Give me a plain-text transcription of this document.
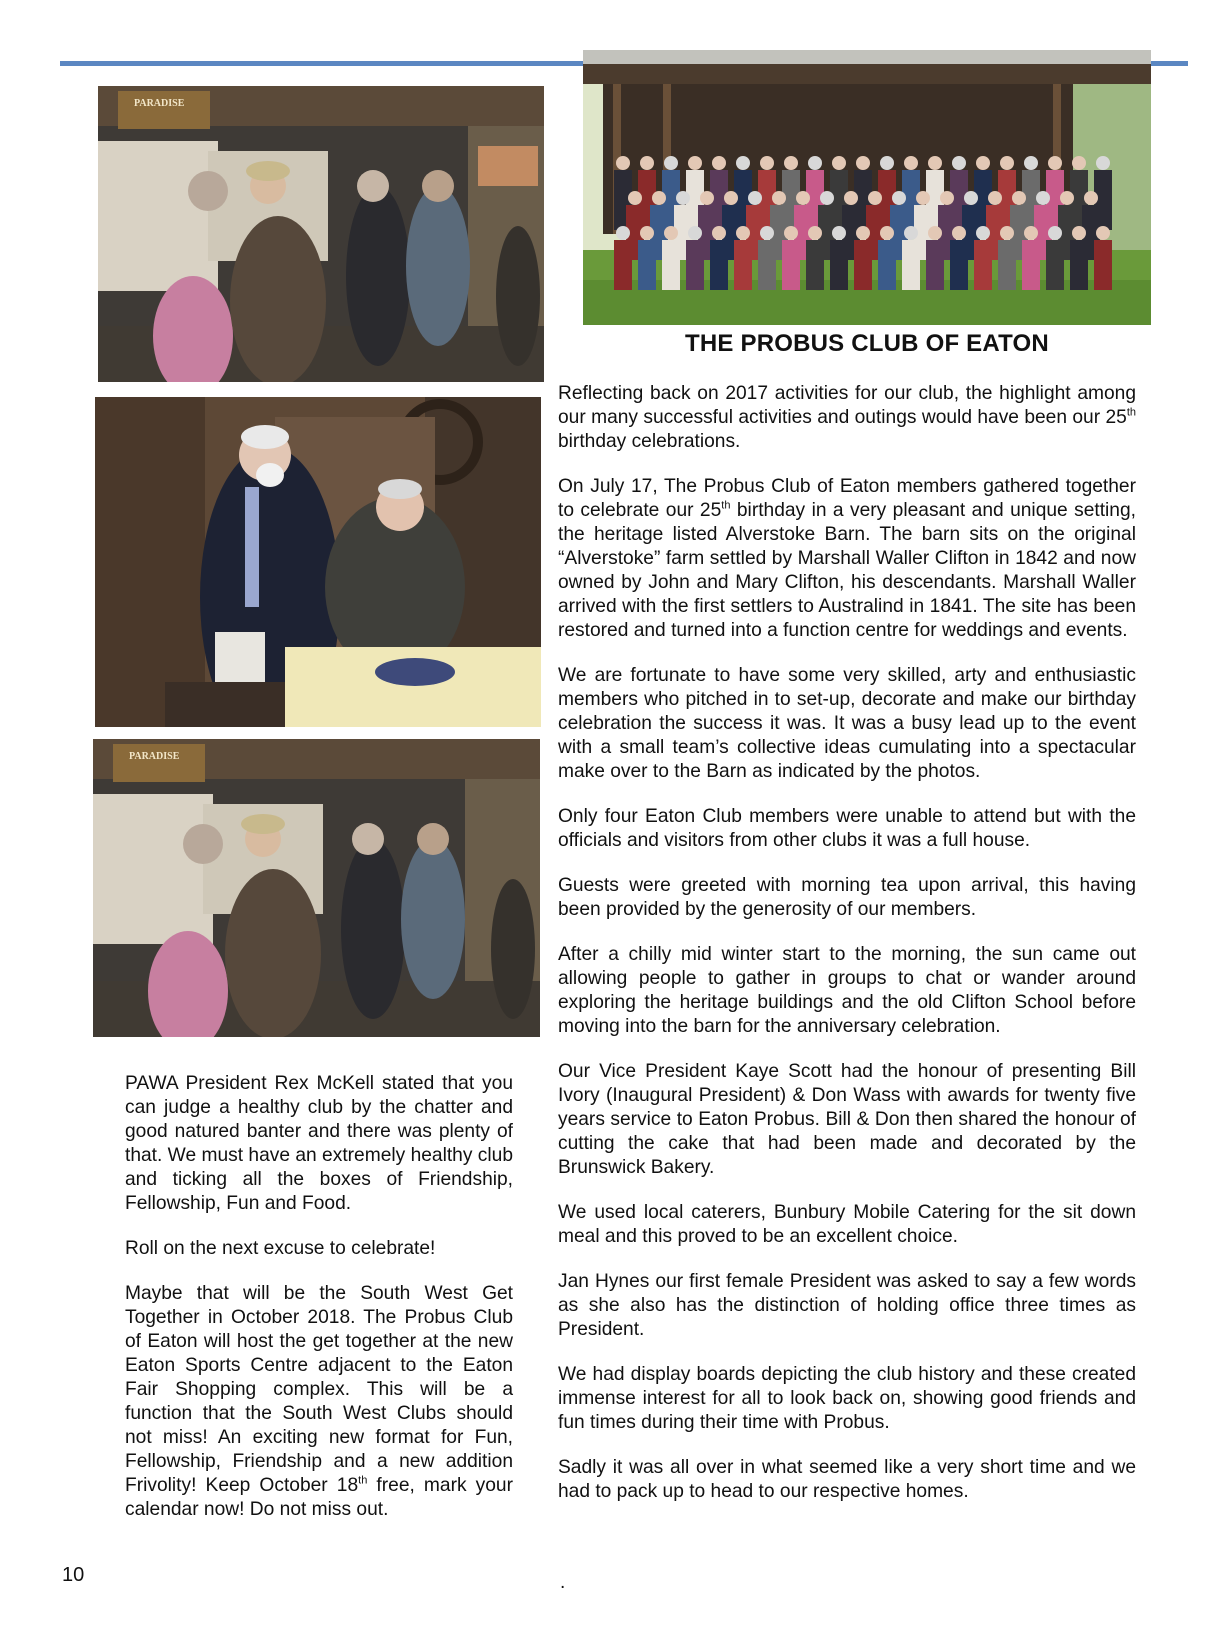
PARADISE
PARADISE
THE PROBUS CLUB OF EATON

Reflecting back on 2017 activities for our club, the highlight among our many successful activities and outings would have been our 25th birthday celebrations.

On July 17, The Probus Club of Eaton members gathered together to celebrate our 25th birthday in a very pleasant and unique setting, the heritage listed Alverstoke Barn. The barn sits on the original “Alverstoke” farm settled by Marshall Waller Clifton in 1842 and now owned by John and Mary Clifton, his descendants. Marshall Waller arrived with the first settlers to Australind in 1841. The site has been restored and turned into a function centre for weddings and events.

We are fortunate to have some very skilled, arty and enthusiastic members who pitched in to set-up, decorate and make our birthday celebration the success it was. It was a busy lead up to the event with a small team’s collective ideas cumulating into a spectacular make over to the Barn as indicated by the photos.

Only four Eaton Club members were unable to attend but with the officials and visitors from other clubs it was a full house.

Guests were greeted with morning tea upon arrival, this having been provided by the generosity of our members.

After a chilly mid winter start to the morning, the sun came out allowing people to gather in groups to chat or wander around exploring the heritage buildings and the old Clifton School before moving into the barn for the anniversary celebration.

Our Vice President Kaye Scott had the honour of presenting Bill Ivory (Inaugural President) & Don Wass with awards for twenty five years service to Eaton Probus. Bill & Don then shared the honour of cutting the cake that had been made and decorated by the Brunswick Bakery.

We used local caterers, Bunbury Mobile Catering for the sit down meal and this proved to be an excellent choice.

Jan Hynes our first female President was asked to say a few words as she also has the distinction of holding office three times as President.

We had display boards depicting the club history and these created immense interest for all to look back on, showing good friends and fun times during their time with Probus.

Sadly it was all over in what seemed like a very short time and we had to pack up to head to our respective homes.

PAWA President Rex McKell stated that you can judge a healthy club by the chatter and good natured banter and there was plenty of that. We must have an extremely healthy club and ticking all the boxes of Friendship, Fellowship, Fun and Food.

Roll on the next excuse to celebrate!

Maybe that will be the South West Get Together in October 2018. The Probus Club of Eaton will host the get together at the new Eaton Sports Centre adjacent to the Eaton Fair Shopping complex. This will be a function that the South West Clubs should not miss! An exciting new format for Fun, Fellowship, Friendship and a new addition Frivolity! Keep October 18th free, mark your calendar now! Do not miss out.

10	.
